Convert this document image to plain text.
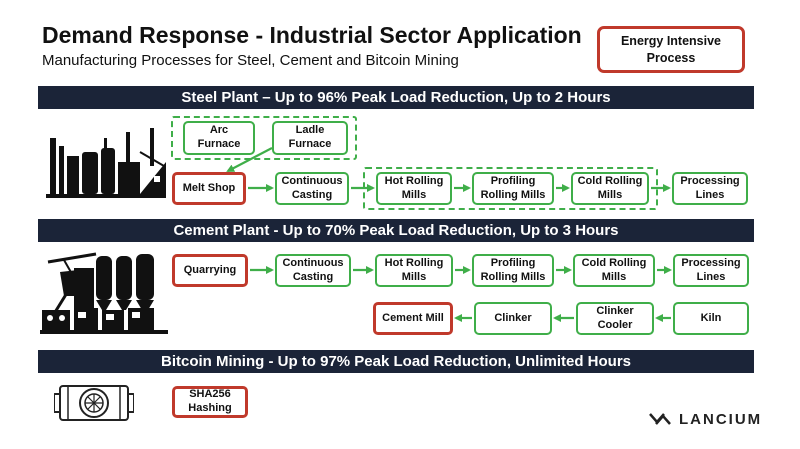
Demand Response - Industrial Sector Application
Manufacturing Processes for Steel, Cement and Bitcoin Mining
Energy Intensive Process
Steel Plant – Up to 96% Peak Load Reduction, Up to 2 Hours
Arc Furnace
Ladle Furnace
Melt Shop
Continuous Casting
Hot Rolling Mills
Profiling Rolling Mills
Cold Rolling Mills
Processing Lines
Cement Plant - Up to 70% Peak Load Reduction, Up to 3 Hours
Quarrying
Continuous Casting
Hot Rolling Mills
Profiling Rolling Mills
Cold Rolling Mills
Processing Lines
Cement Mill	Clinker
Clinker Cooler
Kiln
Bitcoin Mining - Up to 97% Peak Load Reduction, Unlimited Hours
SHA256 Hashing
LANCIUM
